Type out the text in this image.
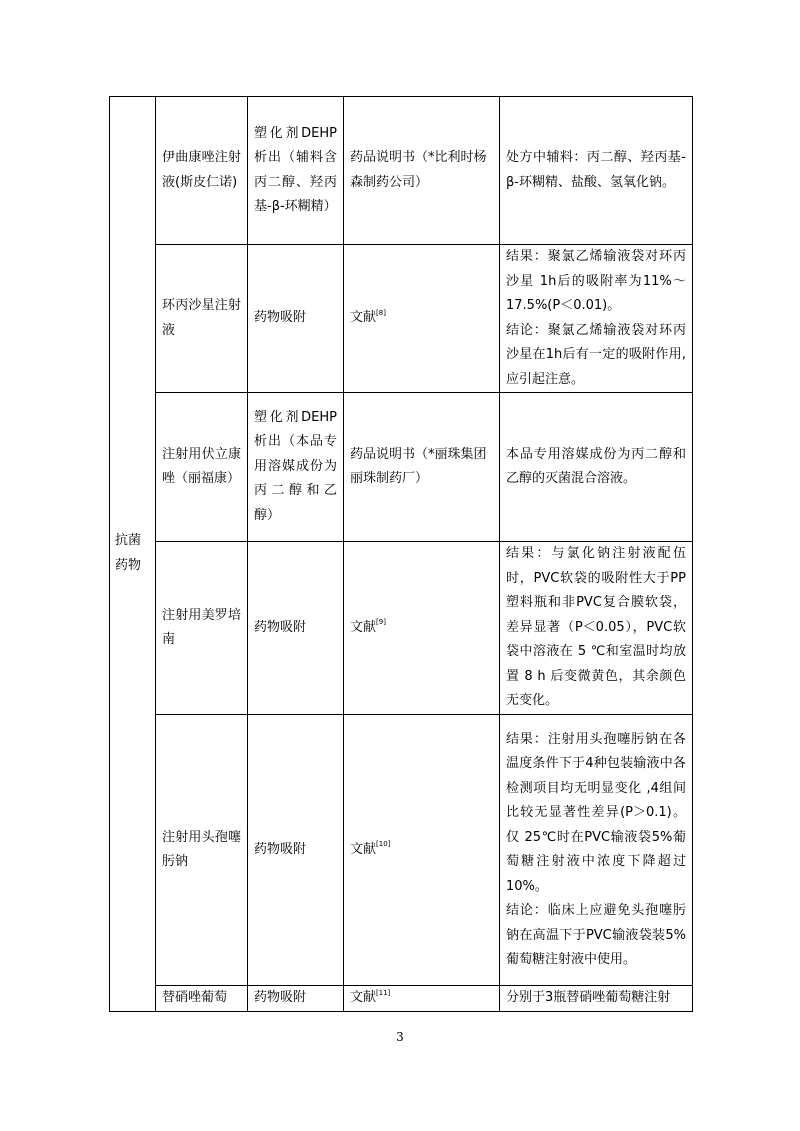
抗菌
药物	伊曲康唑注射液(斯皮仁诺)	塑化剂DEHP析出（辅料含丙二醇、羟丙基-β-环糊精）	药品说明书（*比利时杨森制药公司）	处方中辅料：丙二醇、羟丙基-β-环糊精、盐酸、氢氧化钠。

	环丙沙星注射液	药物吸附	文献[8]	结果：聚氯乙烯输液袋对环丙沙星 1h后的吸附率为11%～17.5%(P＜0.01)。
结论：聚氯乙烯输液袋对环丙沙星在1h后有一定的吸附作用, 应引起注意。

	注射用伏立康唑（丽福康）	塑化剂DEHP析出（本品专用溶媒成份为丙二醇和乙醇）	药品说明书（*丽珠集团丽珠制药厂）	本品专用溶媒成份为丙二醇和乙醇的灭菌混合溶液。

	注射用美罗培南	药物吸附	文献[9]	结果：与氯化钠注射液配伍时，PVC软袋的吸附性大于PP塑料瓶和非PVC复合膜软袋，差异显著（P＜0.05），PVC软袋中溶液在 5 ℃和室温时均放置 8 h 后变微黄色，其余颜色无变化。

	注射用头孢噻肟钠	药物吸附	文献[10]	结果：注射用头孢噻肟钠在各温度条件下于4种包装输液中各检测项目均无明显变化 ,4组间比较无显著性差异(P＞0.1)。仅 25℃时在PVC输液袋5%葡萄糖注射液中浓度下降超过10%。
结论：临床上应避免头孢噻肟钠在高温下于PVC输液袋装5%葡萄糖注射液中使用。

	替硝唑葡萄	药物吸附	文献[11]	分别于3瓶替硝唑葡萄糖注射
3
